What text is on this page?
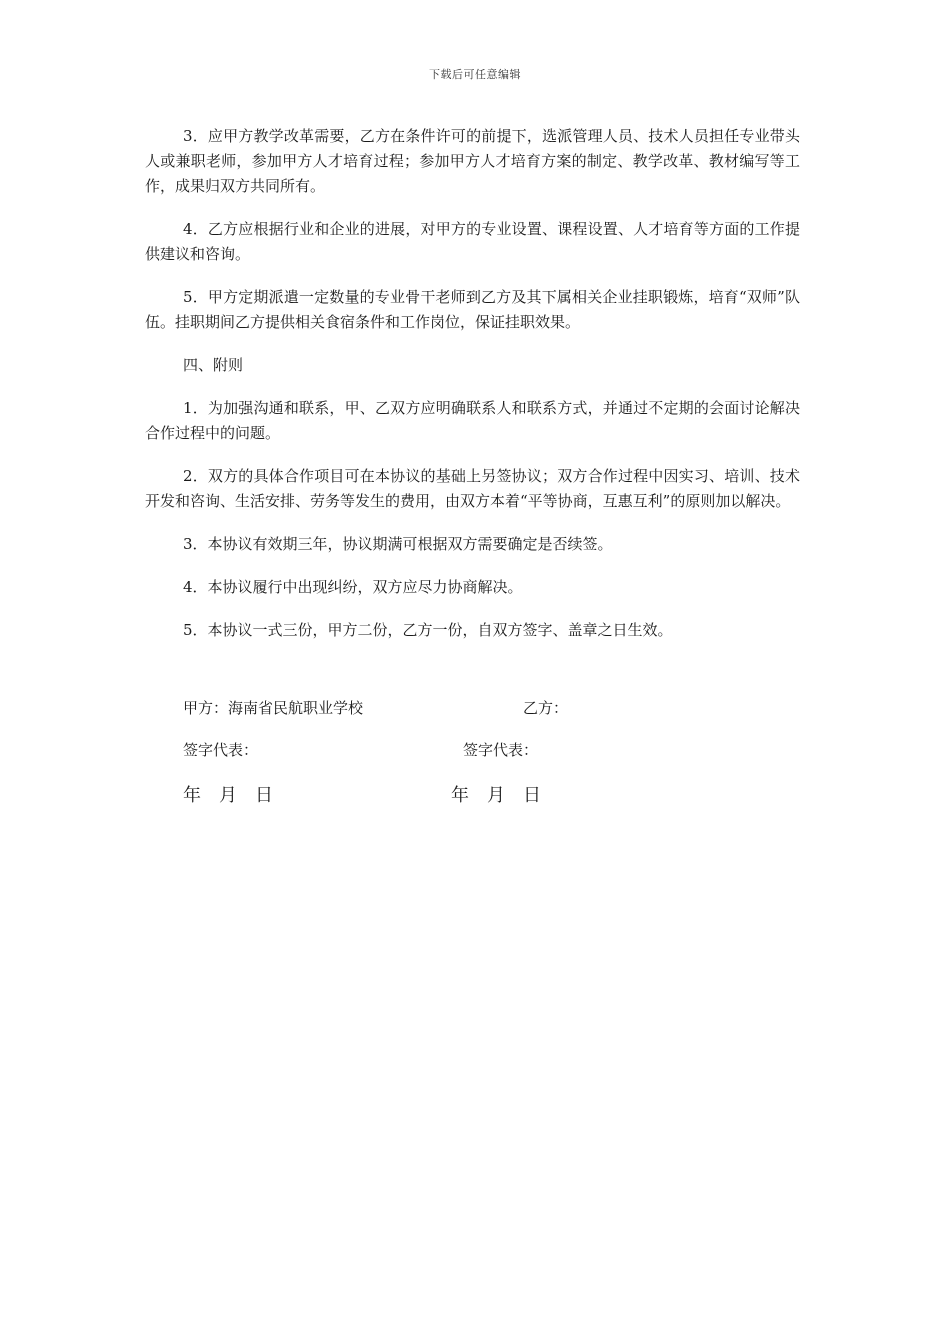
下载后可任意编辑

3．应甲方教学改革需要，乙方在条件许可的前提下，选派管理人员、技术人员担任专业带头人或兼职老师，参加甲方人才培育过程；参加甲方人才培育方案的制定、教学改革、教材编写等工作，成果归双方共同所有。

4．乙方应根据行业和企业的进展，对甲方的专业设置、课程设置、人才培育等方面的工作提供建议和咨询。

5．甲方定期派遣一定数量的专业骨干老师到乙方及其下属相关企业挂职锻炼，培育“双师”队伍。挂职期间乙方提供相关食宿条件和工作岗位，保证挂职效果。

四、附则

1．为加强沟通和联系，甲、乙双方应明确联系人和联系方式，并通过不定期的会面讨论解决合作过程中的问题。

2．双方的具体合作项目可在本协议的基础上另签协议；双方合作过程中因实习、培训、技术开发和咨询、生活安排、劳务等发生的费用，由双方本着“平等协商，互惠互利”的原则加以解决。

3．本协议有效期三年，协议期满可根据双方需要确定是否续签。

4．本协议履行中出现纠纷，双方应尽力协商解决。

5．本协议一式三份，甲方二份，乙方一份，自双方签字、盖章之日生效。

甲方：海南省民航职业学校	乙方：
签字代表：	签字代表：
年　月　日	年　月　日
